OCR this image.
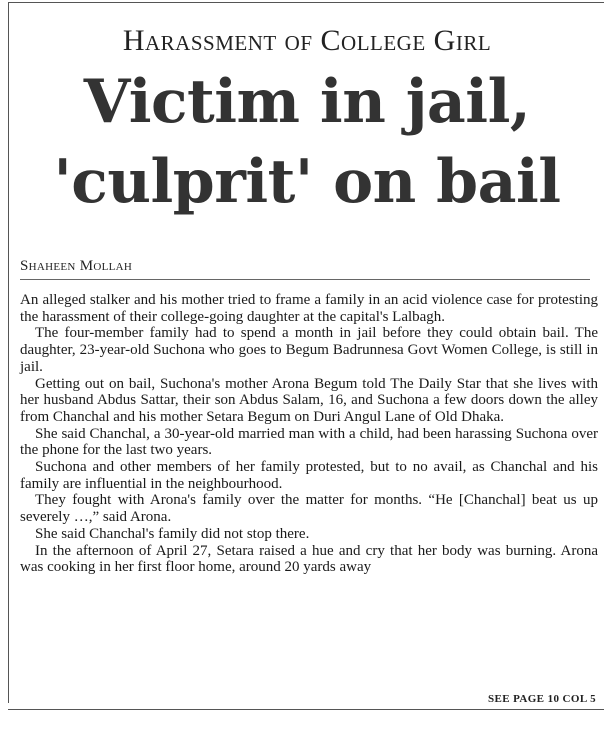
Harassment of College Girl
Victim in jail,
'culprit' on bail
Shaheen Mollah

An alleged stalker and his mother tried to frame a family in an acid violence case for protesting the harassment of their college-going daughter at the capital's Lalbagh.

The four-member family had to spend a month in jail before they could obtain bail. The daughter, 23-year-old Suchona who goes to Begum Badrunnesa Govt Women College, is still in jail.

Getting out on bail, Suchona's mother Arona Begum told The Daily Star that she lives with her husband Abdus Sattar, their son Abdus Salam, 16, and Suchona a few doors down the alley from Chanchal and his mother Setara Begum on Duri Angul Lane of Old Dhaka.

She said Chanchal, a 30-year-old married man with a child, had been harassing Suchona over the phone for the last two years.

Suchona and other members of her family protested, but to no avail, as Chanchal and his family are influential in the neighbourhood.

They fought with Arona's family over the matter for months. “He [Chanchal] beat us up severely …,” said Arona.

She said Chanchal's family did not stop there.

In the afternoon of April 27, Setara raised a hue and cry that her body was burning. Arona was cooking in her first floor home, around 20 yards away

SEE PAGE 10 COL 5
